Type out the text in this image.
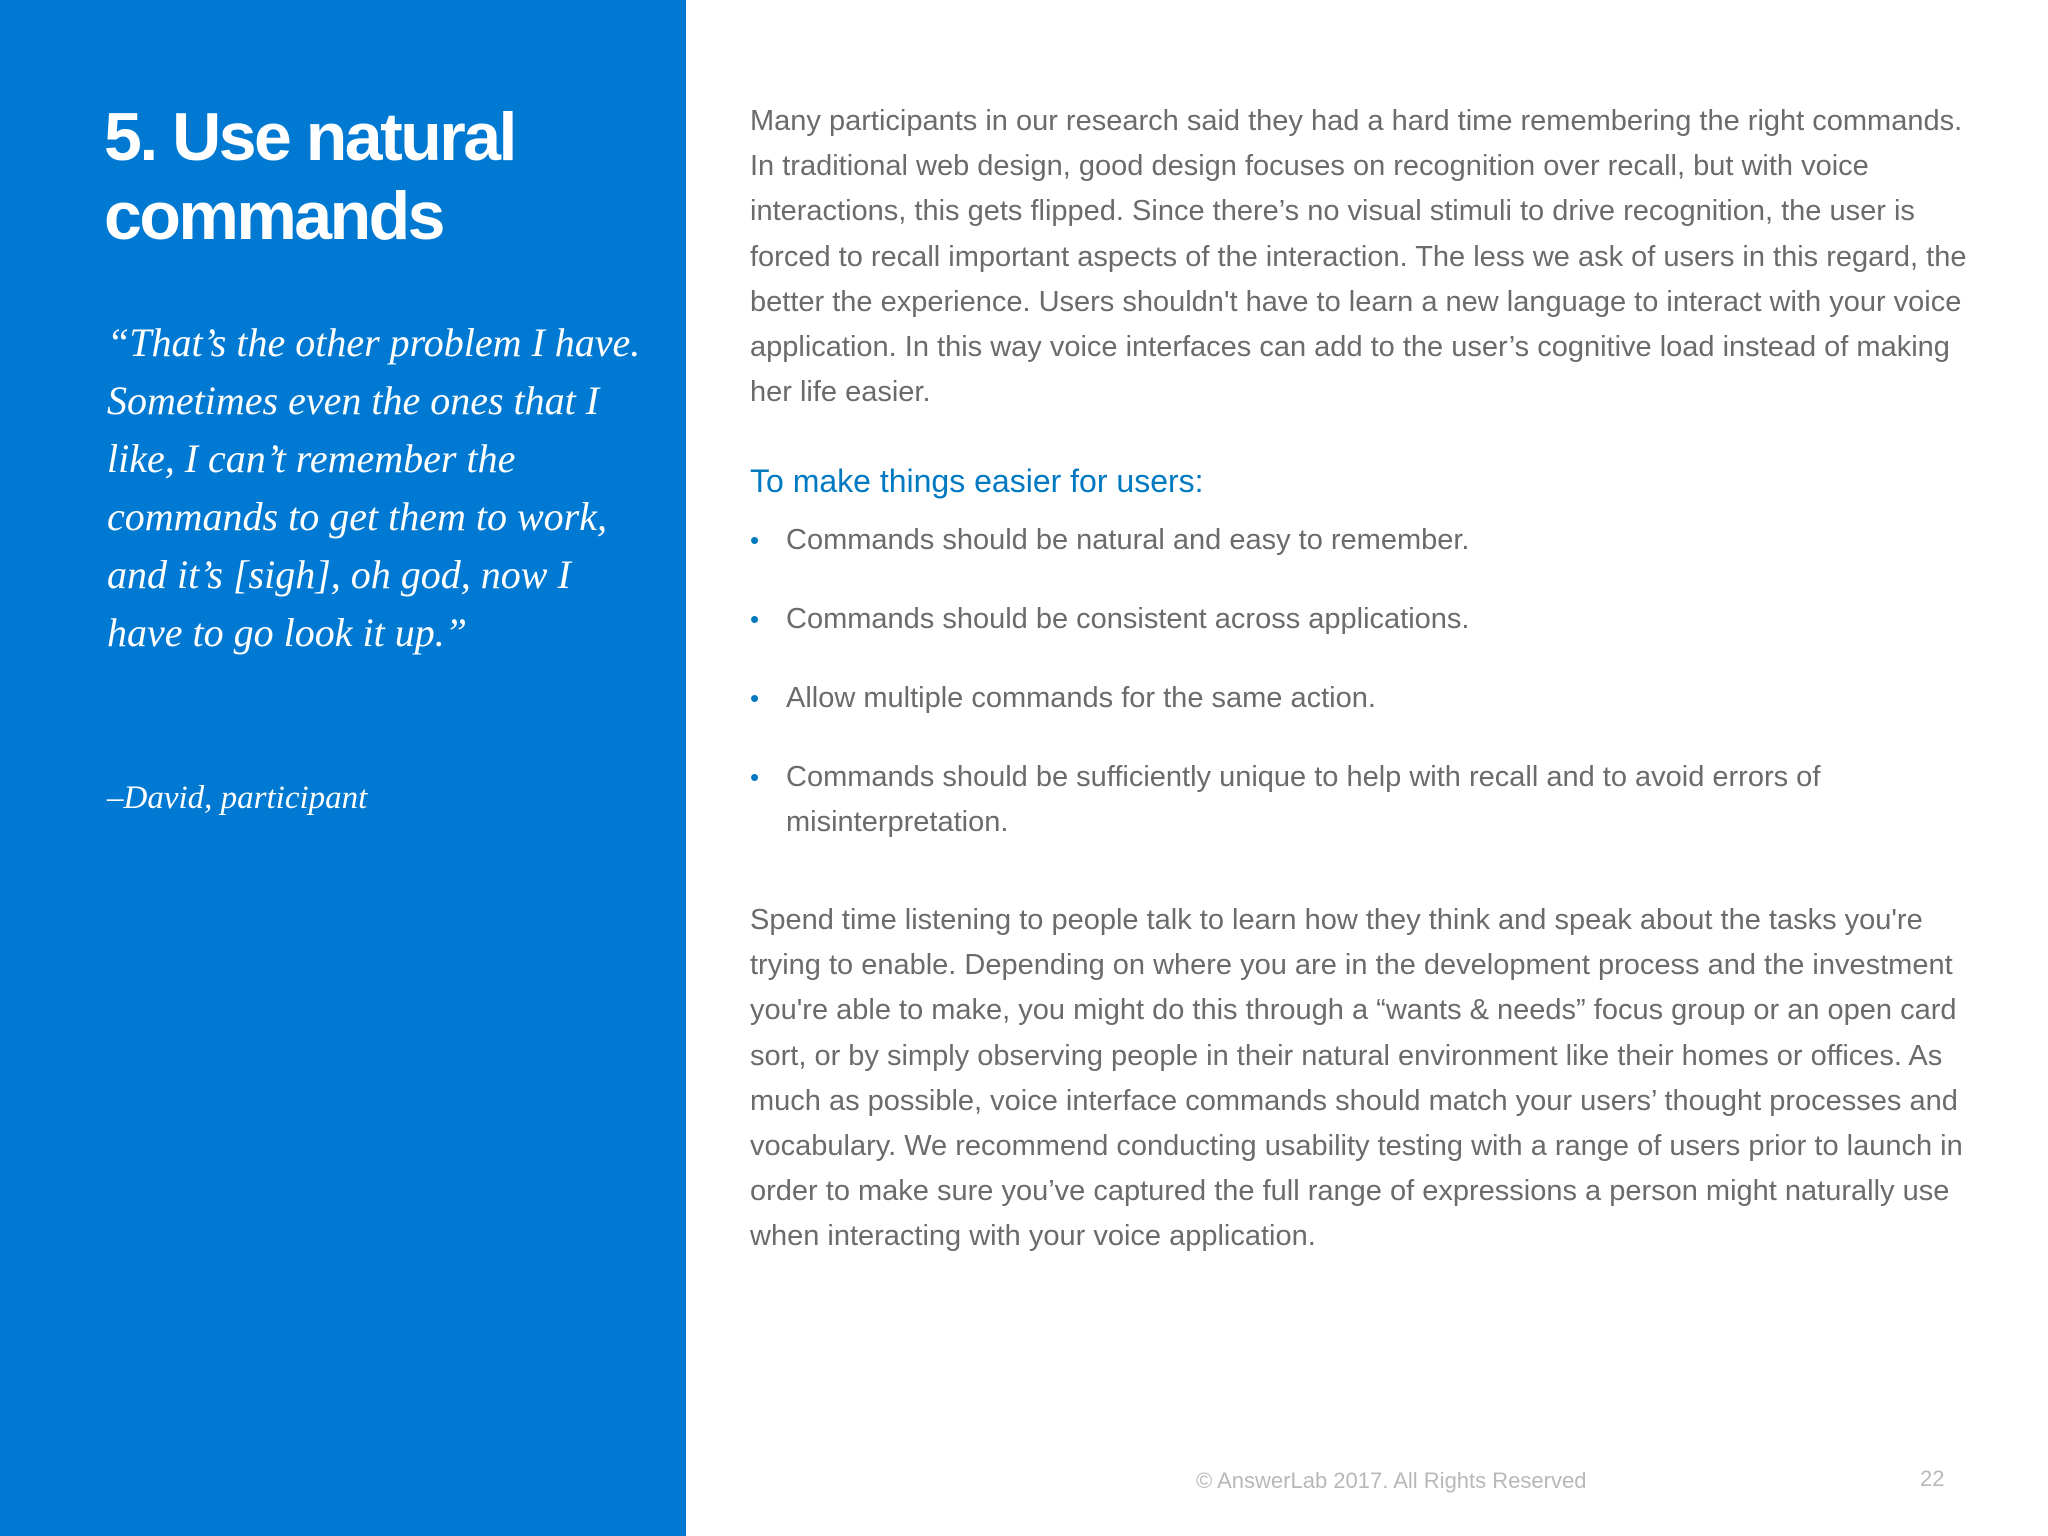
5. Use natural commands

“That’s the other problem I have. Sometimes even the ones that I like, I can’t remember the commands to get them to work, and it’s [sigh], oh god, now I have to go look it up.”

–David, participant

Many participants in our research said they had a hard time remembering the right commands. In traditional web design, good design focuses on recognition over recall, but with voice interactions, this gets flipped. Since there’s no visual stimuli to drive recognition, the user is forced to recall important aspects of the interaction. The less we ask of users in this regard, the better the experience. Users shouldn't have to learn a new language to interact with your voice application. In this way voice interfaces can add to the user’s cognitive load instead of making her life easier.

To make things easier for users:
• Commands should be natural and easy to remember.
• Commands should be consistent across applications.
• Allow multiple commands for the same action.
• Commands should be sufficiently unique to help with recall and to avoid errors of misinterpretation.

Spend time listening to people talk to learn how they think and speak about the tasks you're trying to enable. Depending on where you are in the development process and the investment you're able to make, you might do this through a “wants & needs” focus group or an open card sort, or by simply observing people in their natural environment like their homes or offices. As much as possible, voice interface commands should match your users’ thought processes and vocabulary. We recommend conducting usability testing with a range of users prior to launch in order to make sure you’ve captured the full range of expressions a person might naturally use when interacting with your voice application.

© AnswerLab 2017. All Rights Reserved	22
